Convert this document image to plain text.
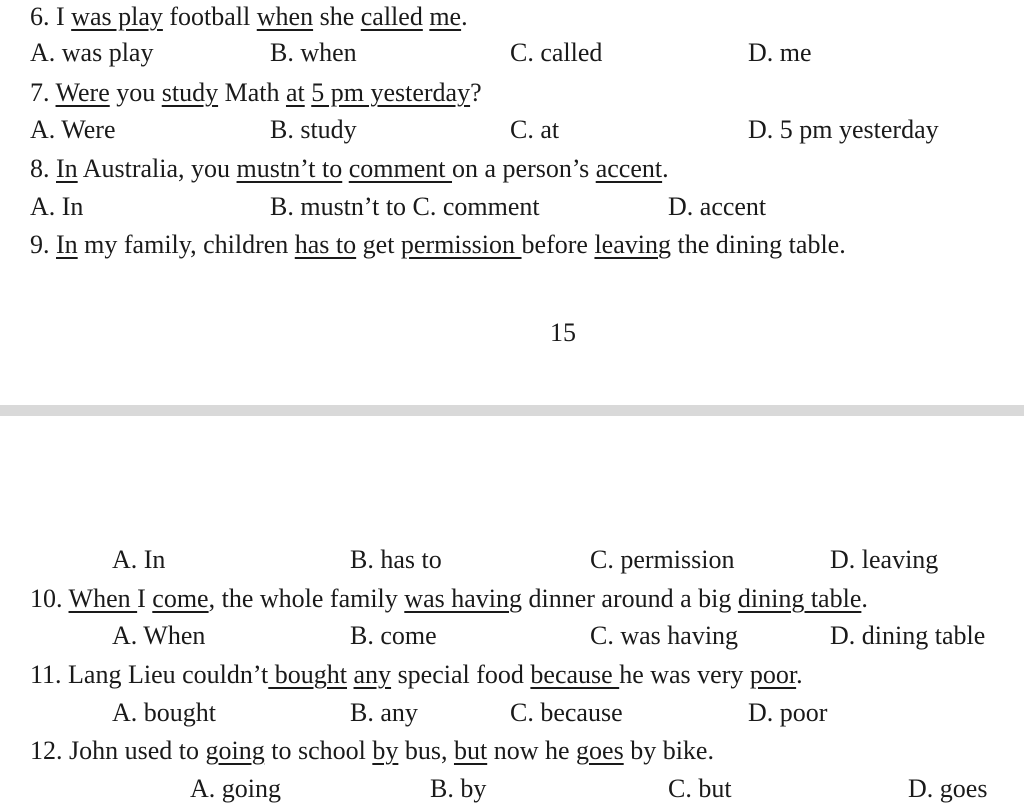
6. I was play football when she called me.
A. was play	B. when	C. called	D. me
7. Were you study Math at 5 pm yesterday?
A. Were	B. study	C. at	D. 5 pm yesterday
8. In Australia, you mustn’t to comment on a person’s accent.
A. In	B. mustn’t to C. comment	D. accent
9. In my family, children has to get permission before leaving the dining table.
15
A. In	B. has to	C. permission	D. leaving
10. When I come, the whole family was having dinner around a big dining table.
A. When	B. come	C. was having	D. dining table
11. Lang Lieu couldn’t bought any special food because he was very poor.
A. bought	B. any	C. because	D. poor
12. John used to going to school by bus, but now he goes by bike.
A. going	B. by	C. but	D. goes
